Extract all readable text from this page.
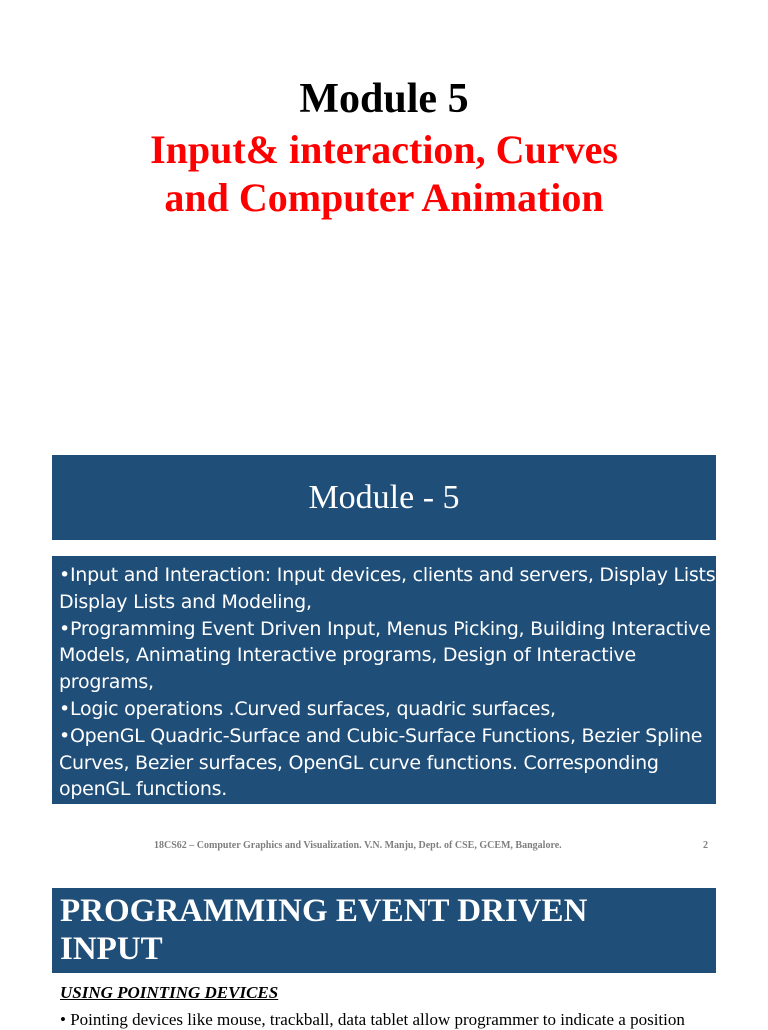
Module 5
Input& interaction, Curves
and Computer Animation
Module - 5
•Input and Interaction: Input devices, clients and servers, Display Lists,
Display Lists and Modeling,
•Programming Event Driven Input, Menus Picking, Building Interactive
Models, Animating Interactive programs, Design of Interactive
programs,
•Logic operations .Curved surfaces, quadric surfaces,
•OpenGL Quadric-Surface and Cubic-Surface Functions, Bezier Spline
Curves, Bezier surfaces, OpenGL curve functions. Corresponding
openGL functions.
18CS62 – Computer Graphics and Visualization. V.N. Manju, Dept. of CSE, GCEM, Bangalore.	2
PROGRAMMING EVENT DRIVEN
INPUT
USING POINTING DEVICES
• Pointing devices like mouse, trackball, data tablet allow programmer to indicate a position
